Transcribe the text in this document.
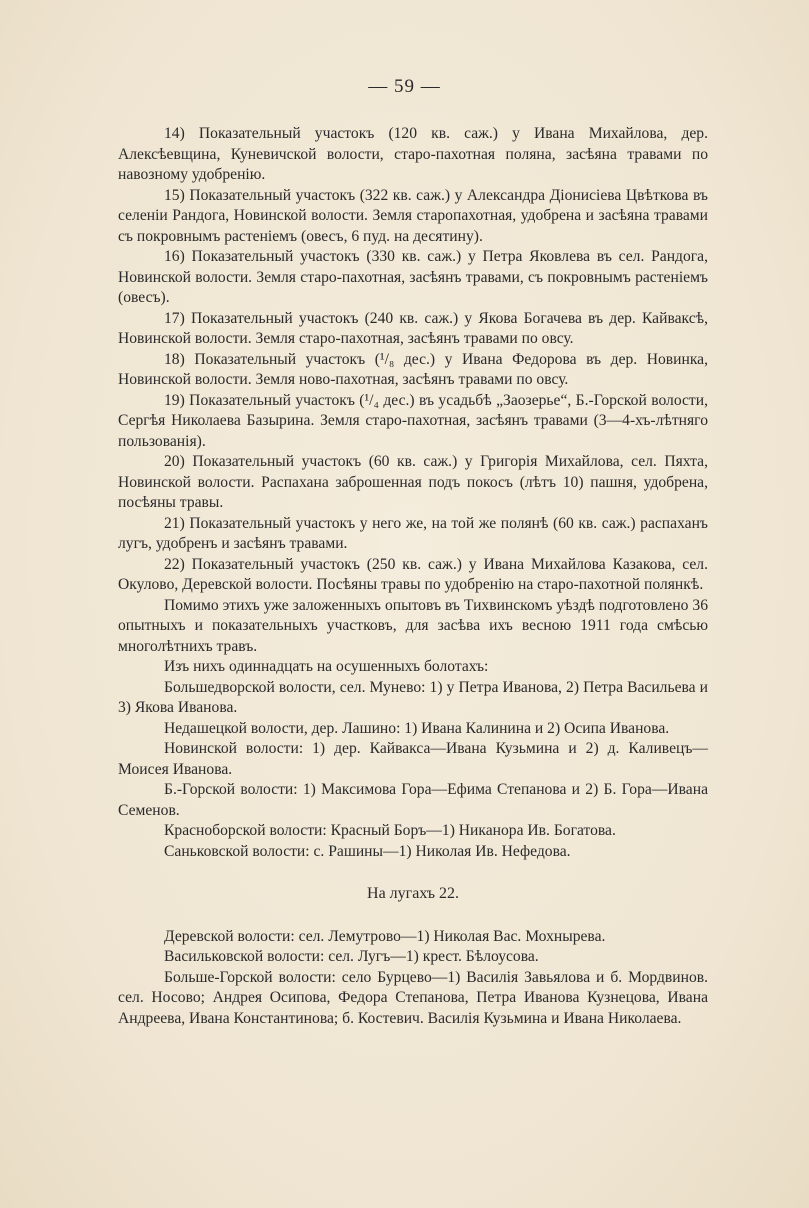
— 59 —

14) Показательный участокъ (120 кв. саж.) у Ивана Михайлова, дер. Алексѣевщина, Куневичской волости, старо-пахотная поляна, засѣяна травами по навозному удобренію.

15) Показательный участокъ (322 кв. саж.) у Александра Діонисіева Цвѣткова въ селеніи Рандога, Новинской волости. Земля старопахотная, удобрена и засѣяна травами съ покровнымъ растеніемъ (овесъ, 6 пуд. на десятину).

16) Показательный участокъ (330 кв. саж.) у Петра Яковлева въ сел. Рандога, Новинской волости. Земля старо-пахотная, засѣянъ травами, съ покровнымъ растеніемъ (овесъ).

17) Показательный участокъ (240 кв. саж.) у Якова Богачева въ дер. Кайваксѣ, Новинской волости. Земля старо-пахотная, засѣянъ травами по овсу.

18) Показательный участокъ (¹/₈ дес.) у Ивана Федорова въ дер. Новинка, Новинской волости. Земля ново-пахотная, засѣянъ травами по овсу.

19) Показательный участокъ (¹/₄ дес.) въ усадьбѣ „Заозерье“, Б.-Горской волости, Сергѣя Николаева Базырина. Земля старо-пахотная, засѣянъ травами (3—4-хъ-лѣтняго пользованія).

20) Показательный участокъ (60 кв. саж.) у Григорія Михайлова, сел. Пяхта, Новинской волости. Распахана заброшенная подъ покосъ (лѣтъ 10) пашня, удобрена, посѣяны травы.

21) Показательный участокъ у него же, на той же полянѣ (60 кв. саж.) распаханъ лугъ, удобренъ и засѣянъ травами.

22) Показательный участокъ (250 кв. саж.) у Ивана Михайлова Казакова, сел. Окулово, Деревской волости. Посѣяны травы по удобренію на старо-пахотной полянкѣ.

Помимо этихъ уже заложенныхъ опытовъ въ Тихвинскомъ уѣздѣ подготовлено 36 опытныхъ и показательныхъ участковъ, для засѣва ихъ весною 1911 года смѣсью многолѣтнихъ травъ.

Изъ нихъ одиннадцать на осушенныхъ болотахъ:

Большедворской волости, сел. Мунево: 1) у Петра Иванова, 2) Петра Васильева и 3) Якова Иванова.

Недашецкой волости, дер. Лашино: 1) Ивана Калинина и 2) Осипа Иванова.

Новинской волости: 1) дер. Кайвакса—Ивана Кузьмина и 2) д. Каливецъ—Моисея Иванова.

Б.-Горской волости: 1) Максимова Гора—Ефима Степанова и 2) Б. Гора—Ивана Семенов.

Красноборской волости: Красный Боръ—1) Никанора Ив. Богатова.

Саньковской волости: с. Рашины—1) Николая Ив. Нефедова.

На лугахъ 22.

Деревской волости: сел. Лемутрово—1) Николая Вас. Мохнырева.

Васильковской волости: сел. Лугъ—1) крест. Бѣлоусова.

Больше-Горской волости: село Бурцево—1) Василія Завьялова и б. Мордвинов. сел. Носово; Андрея Осипова, Федора Степанова, Петра Иванова Кузнецова, Ивана Андреева, Ивана Константинова; б. Костевич. Василія Кузьмина и Ивана Николаева.
